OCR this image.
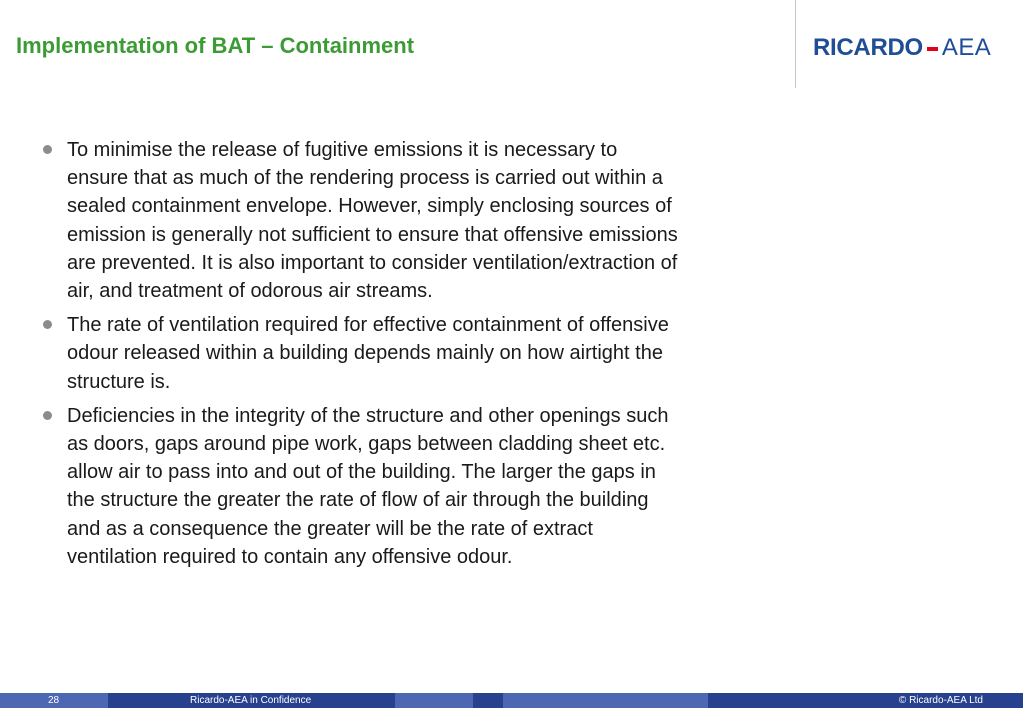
Implementation of BAT – Containment	RICARDO AEA
To minimise the release of fugitive emissions it is necessary to ensure that as much of the rendering process is carried out within a sealed containment envelope. However, simply enclosing sources of emission is generally not sufficient to ensure that offensive emissions are prevented. It is also important to consider ventilation/extraction of air, and treatment of odorous air streams.
The rate of ventilation required for effective containment of offensive odour released within a building depends mainly on how airtight the structure is.
Deficiencies in the integrity of the structure and other openings such as doors, gaps around pipe work, gaps between cladding sheet etc. allow air to pass into and out of the building. The larger the gaps in the structure the greater the rate of flow of air through the building and as a consequence the greater will be the rate of extract ventilation required to contain any offensive odour.
28	Ricardo-AEA in Confidence	© Ricardo-AEA Ltd
